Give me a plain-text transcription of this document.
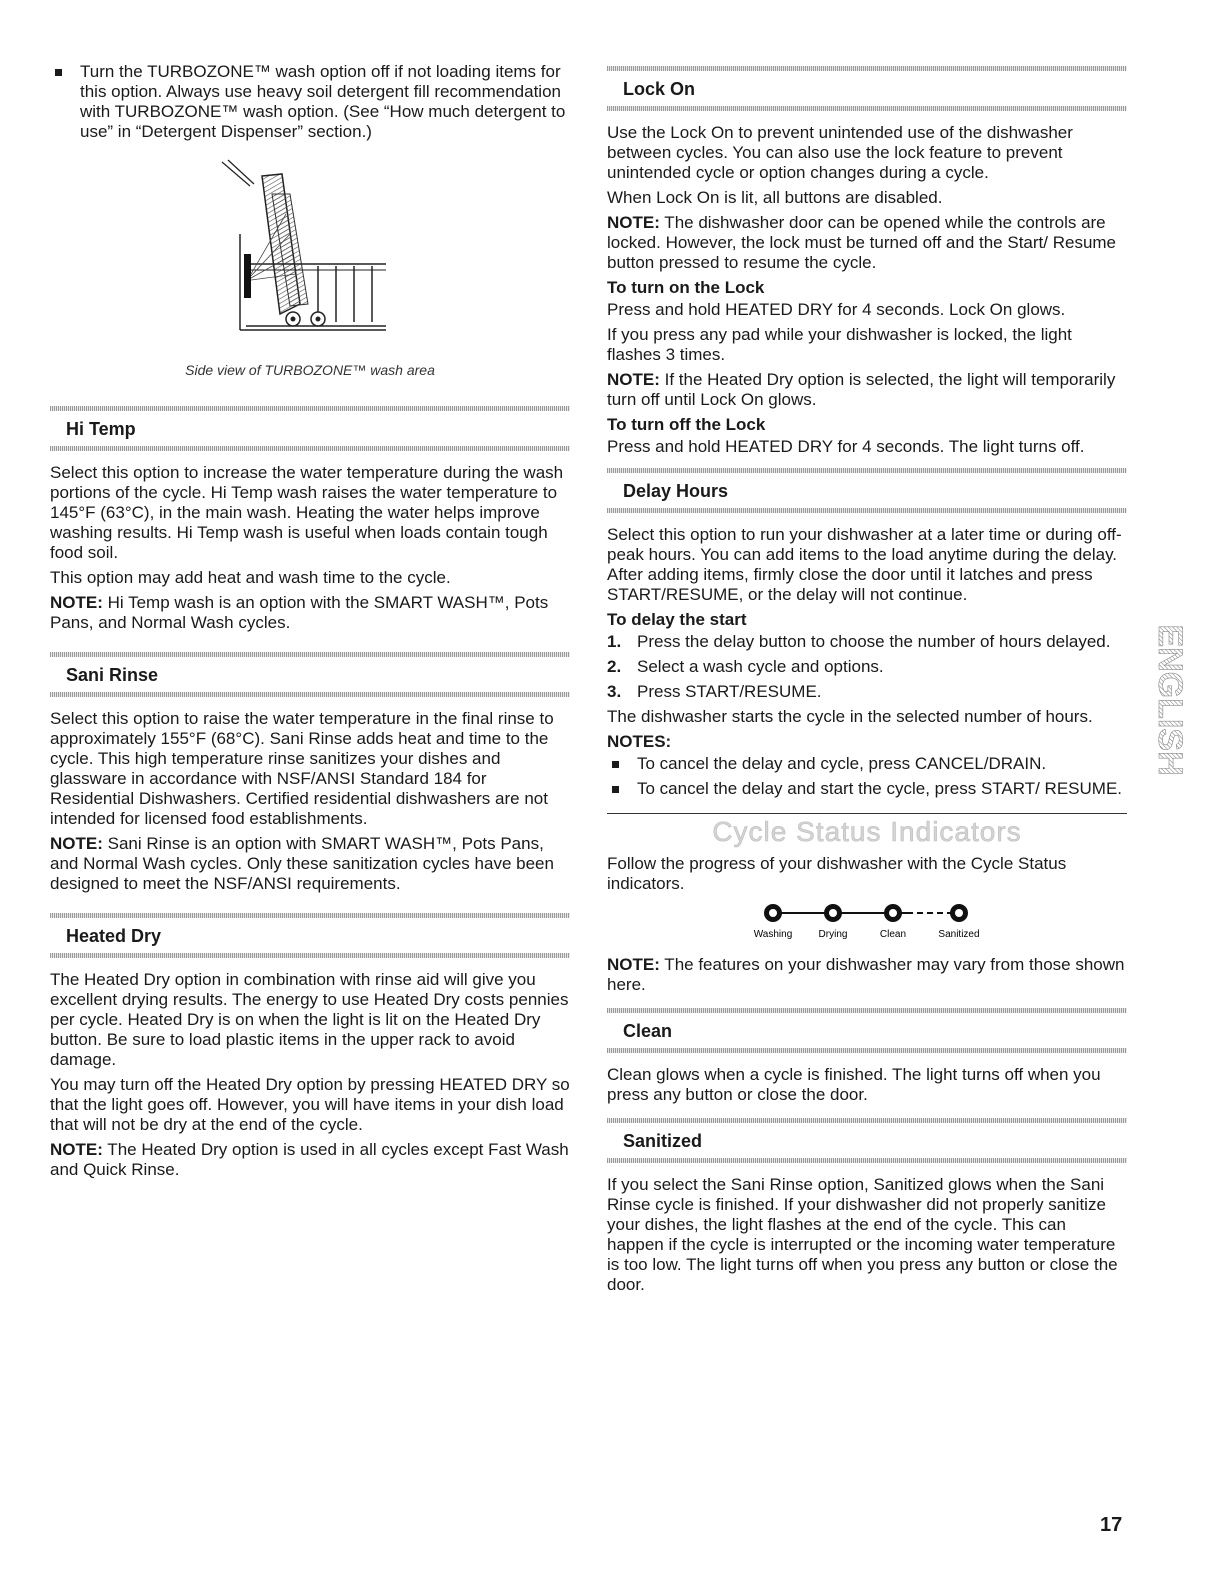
Turn the TURBOZONE™ wash option off if not loading items for this option. Always use heavy soil detergent fill recommendation with TURBOZONE™ wash option. (See “How much detergent to use” in “Detergent Dispenser” section.)
Side view of TURBOZONE™ wash area
Hi Temp

Select this option to increase the water temperature during the wash portions of the cycle. Hi Temp wash raises the water temperature to 145°F (63°C), in the main wash. Heating the water helps improve washing results. Hi Temp wash is useful when loads contain tough food soil.

This option may add heat and wash time to the cycle.

NOTE: Hi Temp wash is an option with the SMART WASH™, Pots Pans, and Normal Wash cycles.

Sani Rinse

Select this option to raise the water temperature in the final rinse to approximately 155°F (68°C). Sani Rinse adds heat and time to the cycle. This high temperature rinse sanitizes your dishes and glassware in accordance with NSF/ANSI Standard 184 for Residential Dishwashers. Certified residential dishwashers are not intended for licensed food establishments.

NOTE: Sani Rinse is an option with SMART WASH™, Pots Pans, and Normal Wash cycles. Only these sanitization cycles have been designed to meet the NSF/ANSI requirements.

Heated Dry

The Heated Dry option in combination with rinse aid will give you excellent drying results. The energy to use Heated Dry costs pennies per cycle. Heated Dry is on when the light is lit on the Heated Dry button. Be sure to load plastic items in the upper rack to avoid damage.

You may turn off the Heated Dry option by pressing HEATED DRY so that the light goes off. However, you will have items in your dish load that will not be dry at the end of the cycle.

NOTE: The Heated Dry option is used in all cycles except Fast Wash and Quick Rinse.

Lock On

Use the Lock On to prevent unintended use of the dishwasher between cycles. You can also use the lock feature to prevent unintended cycle or option changes during a cycle.

When Lock On is lit, all buttons are disabled.

NOTE: The dishwasher door can be opened while the controls are locked. However, the lock must be turned off and the Start/ Resume button pressed to resume the cycle.

To turn on the Lock

Press and hold HEATED DRY for 4 seconds. Lock On glows.

If you press any pad while your dishwasher is locked, the light flashes 3 times.

NOTE: If the Heated Dry option is selected, the light will temporarily turn off until Lock On glows.

To turn off the Lock

Press and hold HEATED DRY for 4 seconds. The light turns off.

Delay Hours

Select this option to run your dishwasher at a later time or during off-peak hours. You can add items to the load anytime during the delay. After adding items, firmly close the door until it latches and press START/RESUME, or the delay will not continue.

To delay the start
1. Press the delay button to choose the number of hours delayed.
2. Select a wash cycle and options.
3. Press START/RESUME.

The dishwasher starts the cycle in the selected number of hours.

NOTES:
To cancel the delay and cycle, press CANCEL/DRAIN.
To cancel the delay and start the cycle, press START/ RESUME.
Cycle Status Indicators

Follow the progress of your dishwasher with the Cycle Status indicators.

Washing	Drying	Clean	Sanitized

NOTE: The features on your dishwasher may vary from those shown here.

Clean

Clean glows when a cycle is finished. The light turns off when you press any button or close the door.

Sanitized

If you select the Sani Rinse option, Sanitized glows when the Sani Rinse cycle is finished. If your dishwasher did not properly sanitize your dishes, the light flashes at the end of the cycle. This can happen if the cycle is interrupted or the incoming water temperature is too low. The light turns off when you press any button or close the door.

ENGLISH
17
